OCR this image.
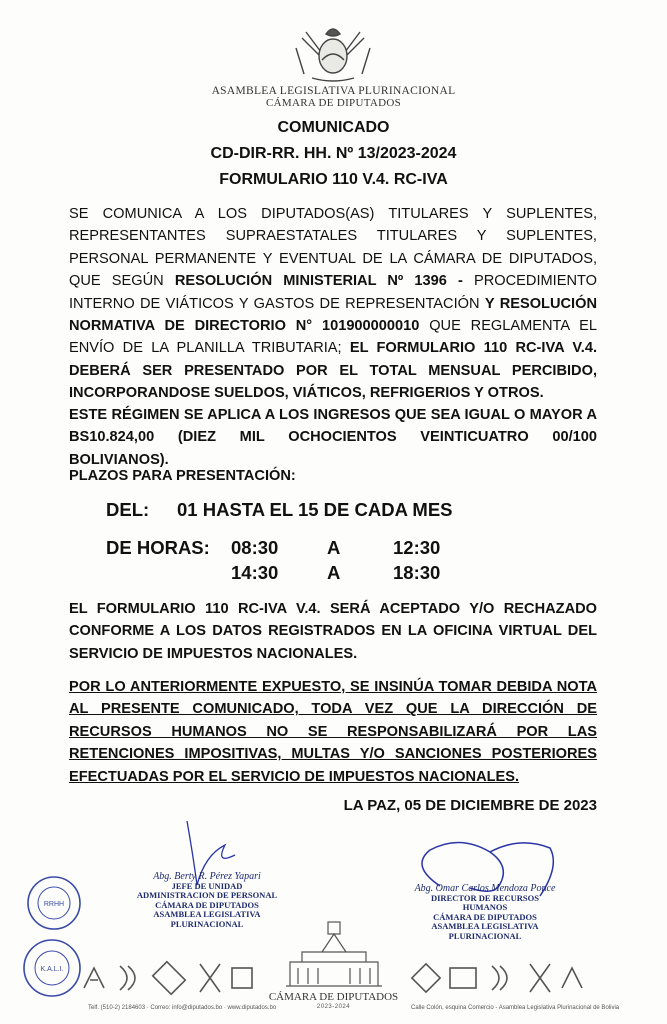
ASAMBLEA LEGISLATIVA PLURINACIONAL
CÁMARA DE DIPUTADOS
COMUNICADO
CD-DIR-RR. HH. Nº 13/2023-2024
FORMULARIO 110 V.4. RC-IVA
SE COMUNICA A LOS DIPUTADOS(AS) TITULARES Y SUPLENTES, REPRESENTANTES SUPRAESTATALES TITULARES Y SUPLENTES, PERSONAL PERMANENTE Y EVENTUAL DE LA CÁMARA DE DIPUTADOS, QUE SEGÚN RESOLUCIÓN MINISTERIAL Nº 1396 - PROCEDIMIENTO INTERNO DE VIÁTICOS Y GASTOS DE REPRESENTACIÓN Y RESOLUCIÓN NORMATIVA DE DIRECTORIO N° 101900000010 QUE REGLAMENTA EL ENVÍO DE LA PLANILLA TRIBUTARIA; EL FORMULARIO 110 RC-IVA V.4. DEBERÁ SER PRESENTADO POR EL TOTAL MENSUAL PERCIBIDO, INCORPORANDOSE SUELDOS, VIÁTICOS, REFRIGERIOS Y OTROS.
ESTE RÉGIMEN SE APLICA A LOS INGRESOS QUE SEA IGUAL O MAYOR A BS10.824,00 (DIEZ MIL OCHOCIENTOS VEINTICUATRO 00/100 BOLIVIANOS).
PLAZOS PARA PRESENTACIÓN:
DEL: 01 HASTA EL 15 DE CADA MES
DE HORAS: 08:30	A	12:30
14:30	A	18:30
EL FORMULARIO 110 RC-IVA V.4. SERÁ ACEPTADO Y/O RECHAZADO CONFORME A LOS DATOS REGISTRADOS EN LA OFICINA VIRTUAL DEL SERVICIO DE IMPUESTOS NACIONALES.
POR LO ANTERIORMENTE EXPUESTO, SE INSINÚA TOMAR DEBIDA NOTA AL PRESENTE COMUNICADO, TODA VEZ QUE LA DIRECCIÓN DE RECURSOS HUMANOS NO SE RESPONSABILIZARÁ POR LAS RETENCIONES IMPOSITIVAS, MULTAS Y/O SANCIONES POSTERIORES EFECTUADAS POR EL SERVICIO DE IMPUESTOS NACIONALES.
LA PAZ, 05 DE DICIEMBRE DE 2023
Abg. Berty R. Pérez Yapari
JEFE DE UNIDAD
ADMINISTRACION DE PERSONAL
CÁMARA DE DIPUTADOS
ASAMBLEA LEGISLATIVA PLURINACIONAL
Abg. Omar Carlos Mendoza Ponce
DIRECTOR DE RECURSOS HUMANOS
CÁMARA DE DIPUTADOS
ASAMBLEA LEGISLATIVA PLURINACIONAL
RRHH
K.A.L.I.
CÁMARA DE DIPUTADOS
2023-2024
Telf. (510-2) 2184603 · Correo: info@diputados.bo · www.diputados.bo	Calle Colón, esquina Comercio - Asamblea Legislativa Plurinacional de Bolivia
